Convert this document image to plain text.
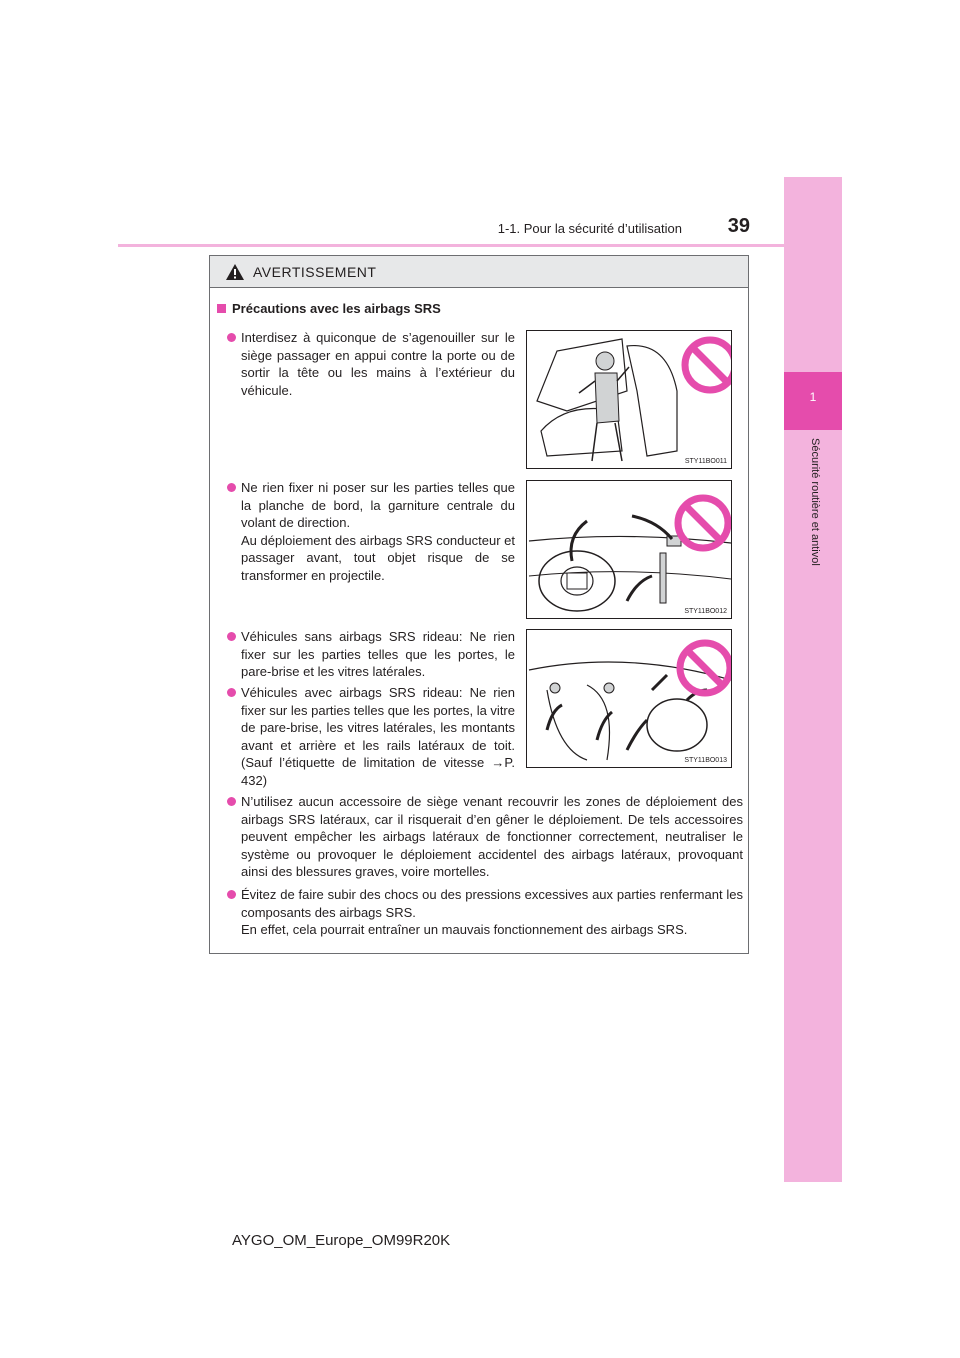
1
Sécurité routière et antivol
1-1. Pour la sécurité d’utilisation	39
AVERTISSEMENT
Précautions avec les airbags SRS

Interdisez à quiconque de s’agenouiller sur le siège passager en appui contre la porte ou de sortir la tête ou les mains à l’extérieur du véhicule.

Ne rien fixer ni poser sur les parties telles que la planche de bord, la garniture centrale du volant de direction.

Au déploiement des airbags SRS conducteur et passager avant, tout objet risque de se transformer en projectile.

Véhicules sans airbags SRS rideau: Ne rien fixer sur les parties telles que les portes, le pare-brise et les vitres latérales.

Véhicules avec airbags SRS rideau: Ne rien fixer sur les parties telles que les portes, la vitre de pare-brise, les vitres latérales, les montants avant et arrière et les rails latéraux de toit. (Sauf l’étiquette de limitation de vitesse →P. 432)

N’utilisez aucun accessoire de siège venant recouvrir les zones de déploiement des airbags SRS latéraux, car il risquerait d’en gêner le déploiement. De tels accessoires peuvent empêcher les airbags latéraux de fonctionner correctement, neutraliser le système ou provoquer le déploiement accidentel des airbags latéraux, provoquant ainsi des blessures graves, voire mortelles.

Évitez de faire subir des chocs ou des pressions excessives aux parties renfermant les composants des airbags SRS.

En effet, cela pourrait entraîner un mauvais fonctionnement des airbags SRS.

STY11BO011
STY11BO012
STY11BO013
AYGO_OM_Europe_OM99R20K
